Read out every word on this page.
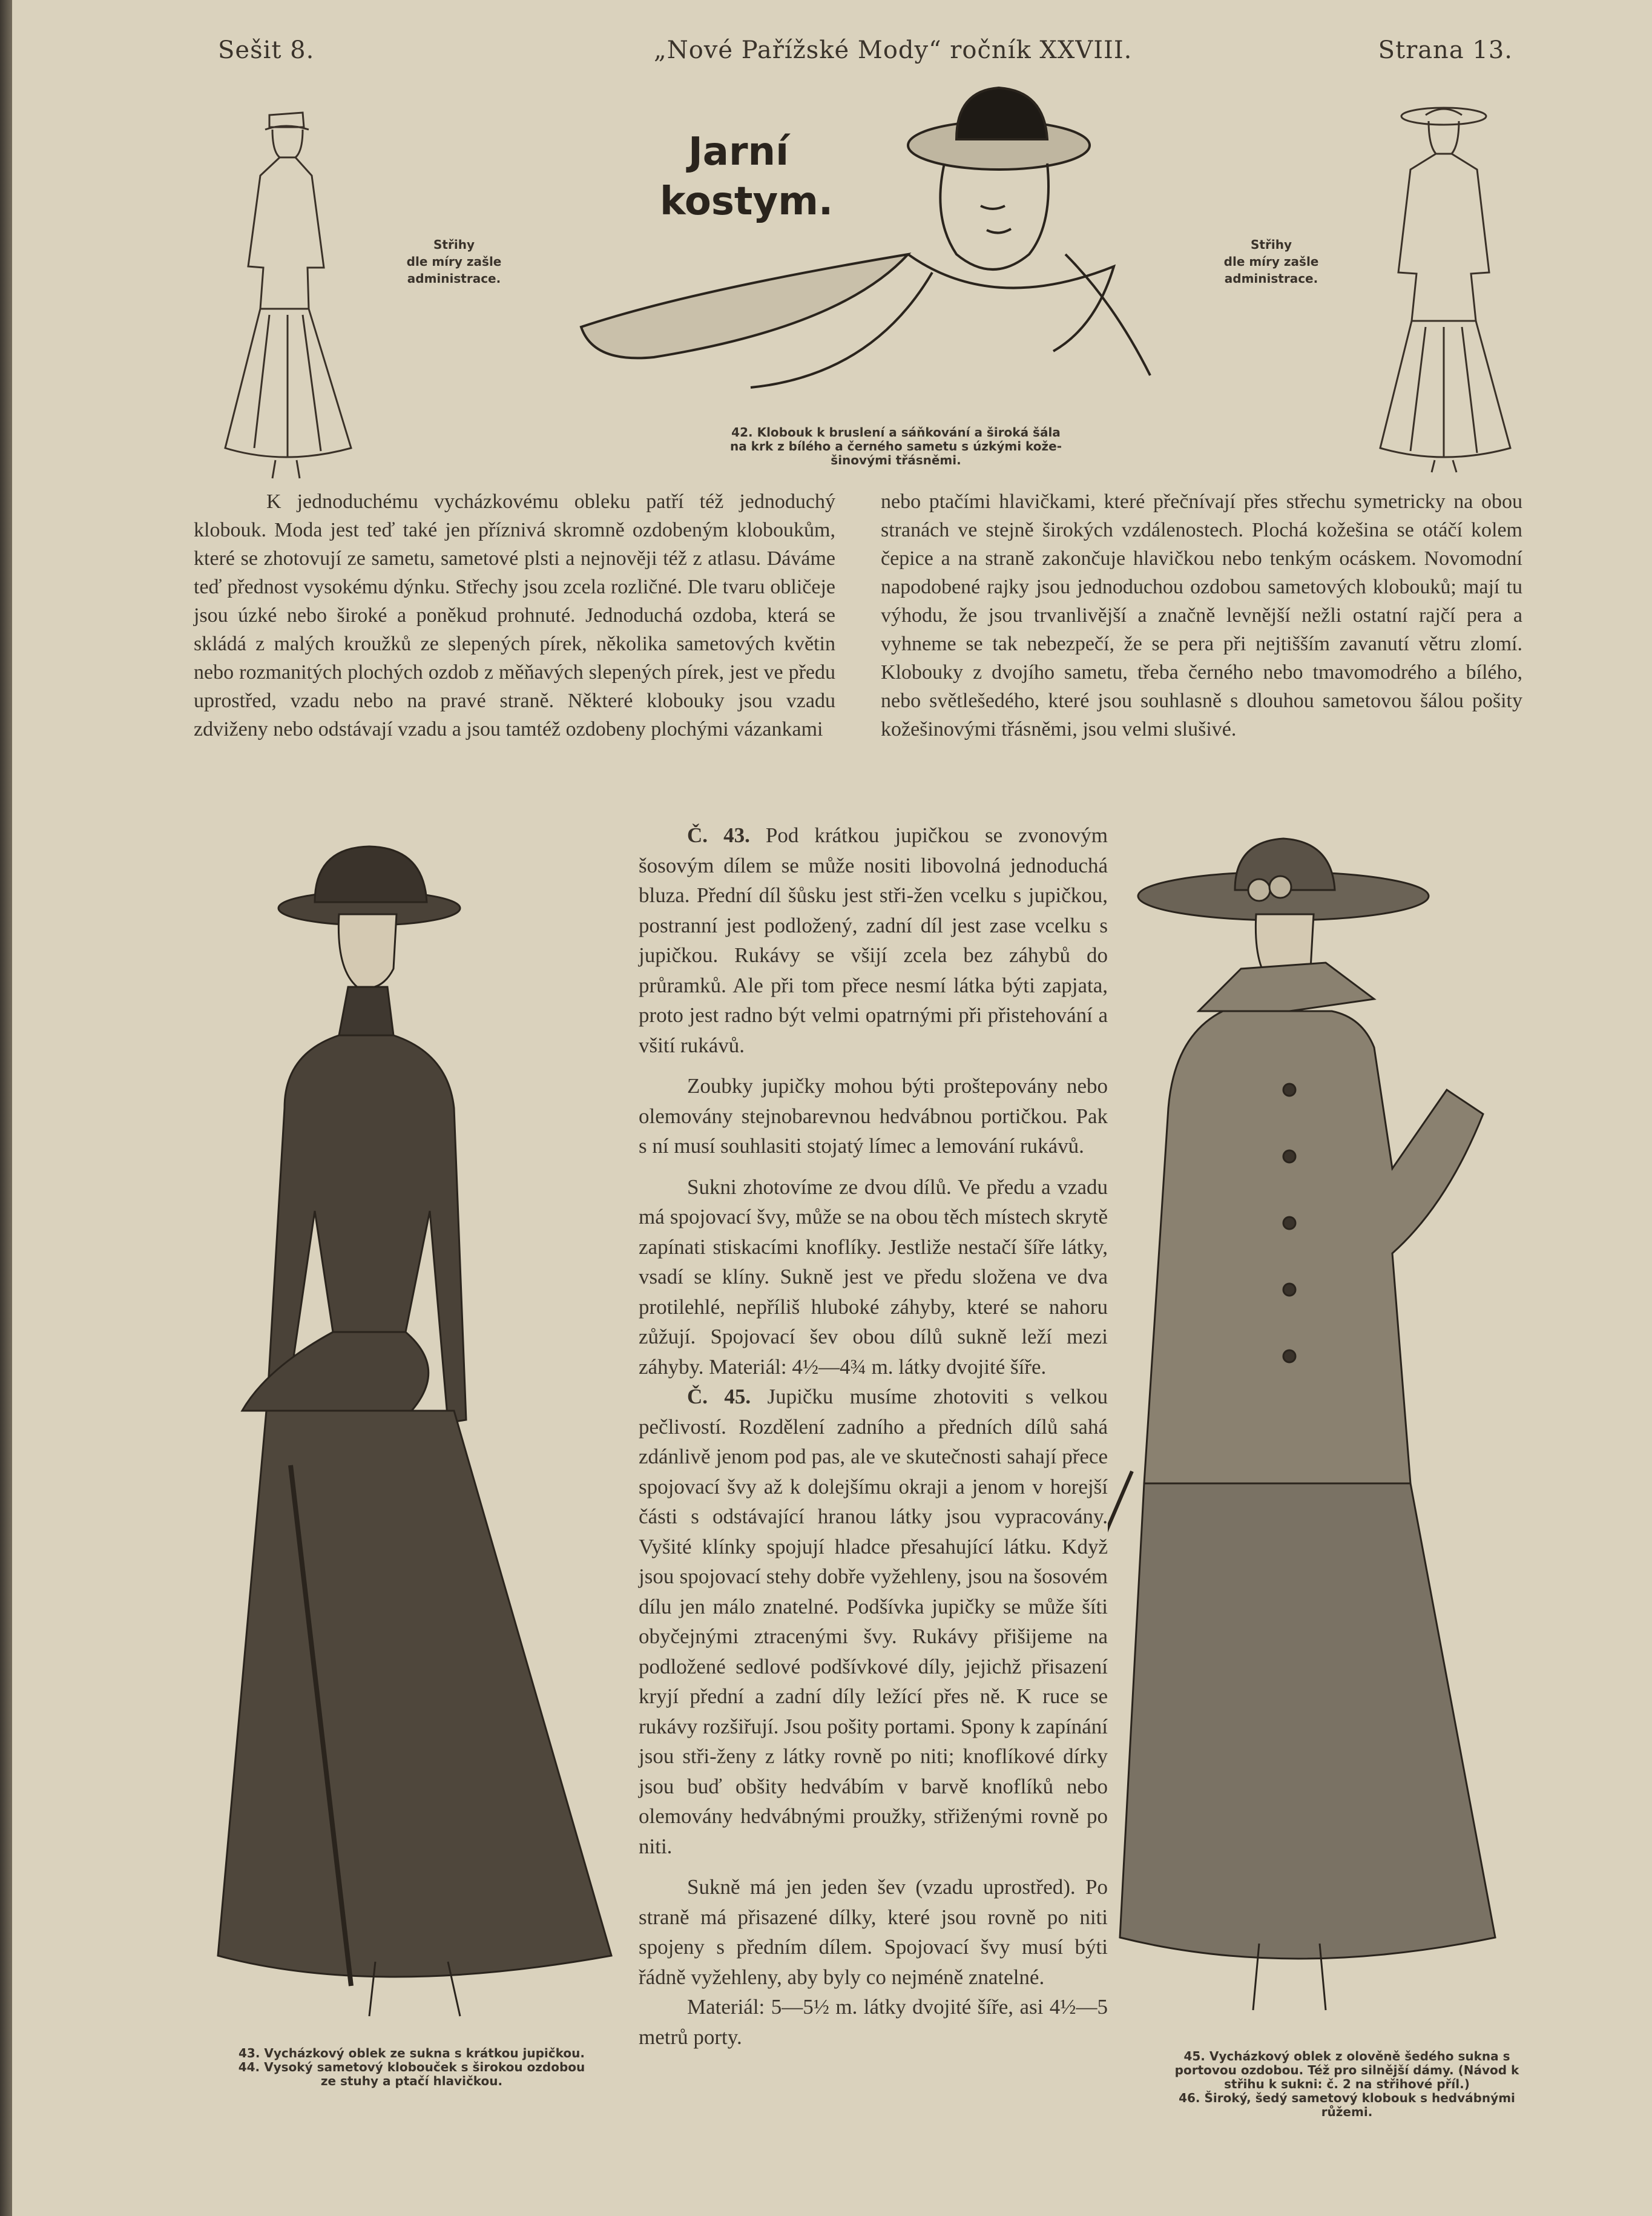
Sešit 8.	„Nové Pařížské Mody“ ročník XXVIII.	Strana 13.
Jarní
kostym.
Střihy
dle míry zašle
administrace.
42. Klobouk k bruslení a sáňkování a široká šála
na krk z bílého a černého sametu s úzkými kože-
šinovými třásněmi.
Střihy
dle míry zašle
administrace.

K jednoduchému vycházkovému obleku patří též jednoduchý klobouk. Moda jest teď také jen příznivá skromně ozdobeným kloboukům, které se zhotovují ze sametu, sametové plsti a nejnověji též z atlasu. Dáváme teď přednost vysokému dýnku. Střechy jsou zcela rozličné. Dle tvaru obličeje jsou úzké nebo široké a poněkud prohnuté. Jednoduchá ozdoba, která se skládá z malých kroužků ze slepených pírek, několika sametových květin nebo rozmanitých plochých ozdob z měňavých slepených pírek, jest ve předu uprostřed, vzadu nebo na pravé straně. Některé klobouky jsou vzadu zdviženy nebo odstávají vzadu a jsou tamtéž ozdobeny plochými vázankami

nebo ptačími hlavičkami, které přečnívají přes střechu symetricky na obou stranách ve stejně širokých vzdálenostech. Plochá kožešina se otáčí kolem čepice a na straně zakončuje hlavičkou nebo tenkým ocáskem. Novomodní napodobené rajky jsou jednoduchou ozdobou sametových klobouků; mají tu výhodu, že jsou trvanlivější a značně levnější nežli ostatní rajčí pera a vyhneme se tak nebezpečí, že se pera při nejtišším zavanutí větru zlomí. Klobouky z dvojího sametu, třeba černého nebo tmavomodrého a bílého, nebo světlešedého, které jsou souhlasně s dlouhou sametovou šálou pošity kožešinovými třásněmi, jsou velmi slušivé.

43. Vycházkový oblek ze sukna s krátkou jupičkou.
44. Vysoký sametový klobouček s širokou ozdobou
ze stuhy a ptačí hlavičkou.

Č. 43. Pod krátkou jupičkou se zvonovým šosovým dílem se může nositi libovolná jednoduchá bluza. Přední díl šůsku jest stři-žen vcelku s jupičkou, postranní jest podložený, zadní díl jest zase vcelku s jupičkou. Rukávy se všijí zcela bez záhybů do průramků. Ale při tom přece nesmí látka býti zapjata, proto jest radno být velmi opatrnými při přistehování a všití rukávů.

Zoubky jupičky mohou býti proštepovány nebo olemovány stejnobarevnou hedvábnou portičkou. Pak s ní musí souhlasiti stojatý límec a lemování rukávů.

Sukni zhotovíme ze dvou dílů. Ve předu a vzadu má spojovací švy, může se na obou těch místech skrytě zapínati stiskacími knoflíky. Jestliže nestačí šíře látky, vsadí se klíny. Sukně jest ve předu složena ve dva protilehlé, nepříliš hluboké záhyby, které se nahoru zůžují. Spojovací šev obou dílů sukně leží mezi záhyby. Materiál: 4½—4¾ m. látky dvojité šíře.

Č. 45. Jupičku musíme zhotoviti s velkou pečlivostí. Rozdělení zadního a předních dílů sahá zdánlivě jenom pod pas, ale ve skutečnosti sahají přece spojovací švy až k dolejšímu okraji a jenom v horejší části s odstávající hranou látky jsou vypracovány. Vyšité klínky spojují hladce přesahující látku. Když jsou spojovací stehy dobře vyžehleny, jsou na šosovém dílu jen málo znatelné. Podšívka jupičky se může šíti obyčejnými ztracenými švy. Rukávy přišijeme na podložené sedlové podšívkové díly, jejichž přisazení kryjí přední a zadní díly ležící přes ně. K ruce se rukávy rozšiřují. Jsou pošity portami. Spony k zapínání jsou stři-ženy z látky rovně po niti; knoflíkové dírky jsou buď obšity hedvábím v barvě knoflíků nebo olemovány hedvábnými proužky, střiženými rovně po niti.

Sukně má jen jeden šev (vzadu uprostřed). Po straně má přisazené dílky, které jsou rovně po niti spojeny s předním dílem. Spojovací švy musí býti řádně vyžehleny, aby byly co nejméně znatelné.

Materiál: 5—5½ m. látky dvojité šíře, asi 4½—5 metrů porty.

45. Vycházkový oblek z olověně šedého sukna s
portovou ozdobou. Též pro silnější dámy. (Návod k
střihu k sukni: č. 2 na střihové příl.)
46. Široký, šedý sametový klobouk s hedvábnými
růžemi.
